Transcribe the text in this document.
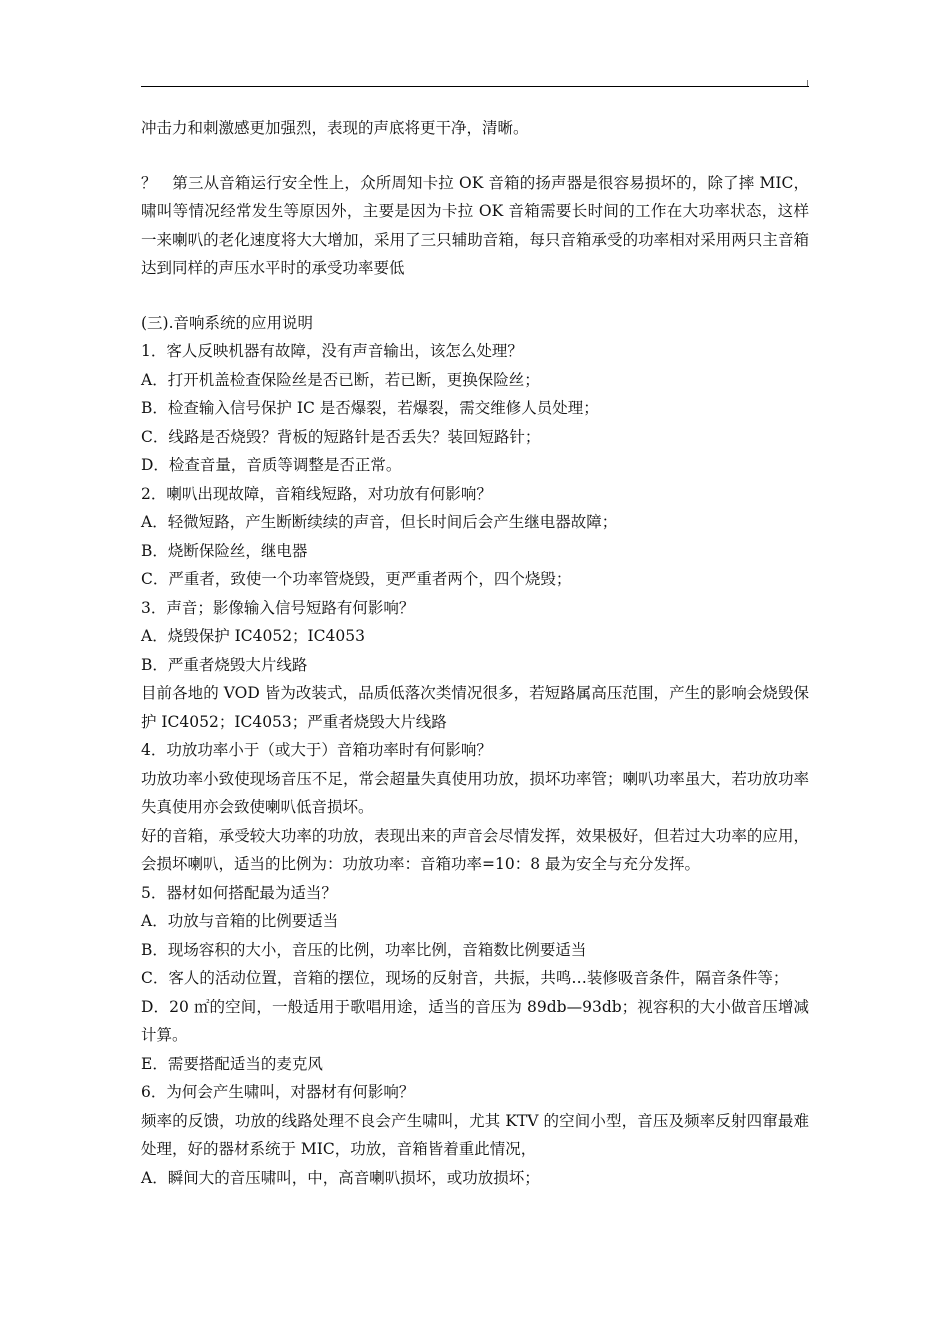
冲击力和刺激感更加强烈，表现的声底将更干净，清晰。

？　第三从音箱运行安全性上，众所周知卡拉 OK 音箱的扬声器是很容易损坏的，除了摔 MIC，啸叫等情况经常发生等原因外，主要是因为卡拉 OK 音箱需要长时间的工作在大功率状态，这样一来喇叭的老化速度将大大增加，采用了三只辅助音箱，每只音箱承受的功率相对采用两只主音箱达到同样的声压水平时的承受功率要低

(三).音响系统的应用说明

1．客人反映机器有故障，没有声音输出，该怎么处理？

A．打开机盖检查保险丝是否已断，若已断，更换保险丝；

B．检查输入信号保护 IC 是否爆裂，若爆裂，需交维修人员处理；

C．线路是否烧毁？背板的短路针是否丢失？装回短路针；

D．检查音量，音质等调整是否正常。

2．喇叭出现故障，音箱线短路，对功放有何影响？

A．轻微短路，产生断断续续的声音，但长时间后会产生继电器故障；

B．烧断保险丝，继电器

C．严重者，致使一个功率管烧毁，更严重者两个，四个烧毁；

3．声音；影像输入信号短路有何影响？

A．烧毁保护 IC4052；IC4053

B．严重者烧毁大片线路

目前各地的 VOD 皆为改装式，品质低落次类情况很多，若短路属高压范围，产生的影响会烧毁保护 IC4052；IC4053；严重者烧毁大片线路

4．功放功率小于（或大于）音箱功率时有何影响？

功放功率小致使现场音压不足，常会超量失真使用功放，损坏功率管；喇叭功率虽大，若功放功率失真使用亦会致使喇叭低音损坏。

好的音箱，承受较大功率的功放，表现出来的声音会尽情发挥，效果极好，但若过大功率的应用，会损坏喇叭，适当的比例为：功放功率：音箱功率=10：8 最为安全与充分发挥。

5．器材如何搭配最为适当？

A．功放与音箱的比例要适当

B．现场容积的大小，音压的比例，功率比例，音箱数比例要适当

C．客人的活动位置，音箱的摆位，现场的反射音，共振，共鸣…装修吸音条件，隔音条件等；

D．20 ㎡的空间，一般适用于歌唱用途，适当的音压为 89db—93db；视容积的大小做音压增减计算。

E．需要搭配适当的麦克风

6．为何会产生啸叫，对器材有何影响？

频率的反馈，功放的线路处理不良会产生啸叫，尤其 KTV 的空间小型，音压及频率反射四窜最难处理，好的器材系统于 MIC，功放，音箱皆着重此情况，

A．瞬间大的音压啸叫，中，高音喇叭损坏，或功放损坏；
